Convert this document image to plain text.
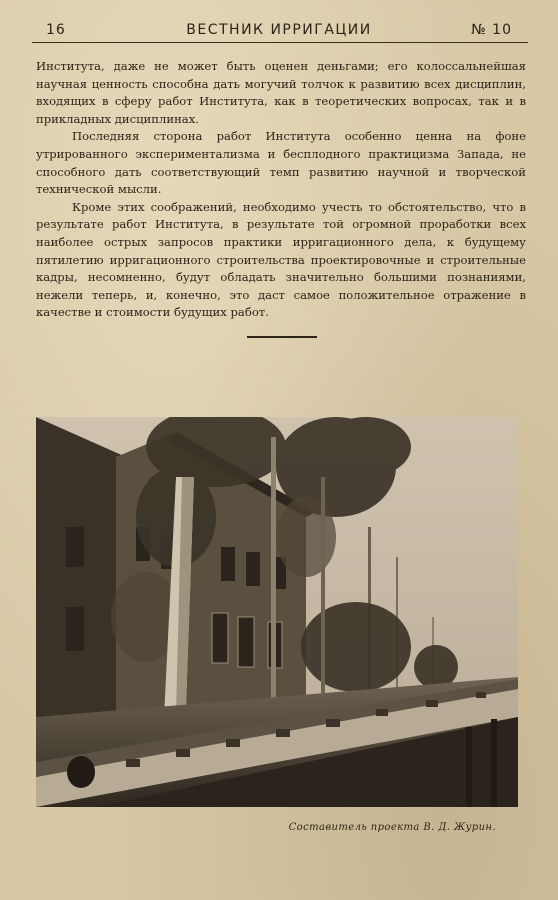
16	ВЕСТНИК ИРРИГАЦИИ	№ 10

Института, даже не может быть оценен деньгами; его колоссальнейшая научная ценность способна дать могучий толчок к развитию всех дисциплин, входящих в сферу работ Института, как в теоретических вопросах, так и в прикладных дисциплинах.

Последняя сторона работ Института особенно ценна на фоне утрированного экспериментализма и бесплодного практицизма Запада, не способного дать соответствующий темп развитию научной и творческой технической мысли.

Кроме этих соображений, необходимо учесть то обстоятельство, что в результате работ Института, в результате той огромной проработки всех наиболее острых запросов практики ирригационного дела, к будущему пятилетию ирригационного строительства проектировочные и строительные кадры, несомненно, будут обладать значительно большими познаниями, нежели теперь, и, конечно, это даст самое положительное отражение в качестве и стоимости будущих работ.

Составитель проекта В. Д. Журин.
